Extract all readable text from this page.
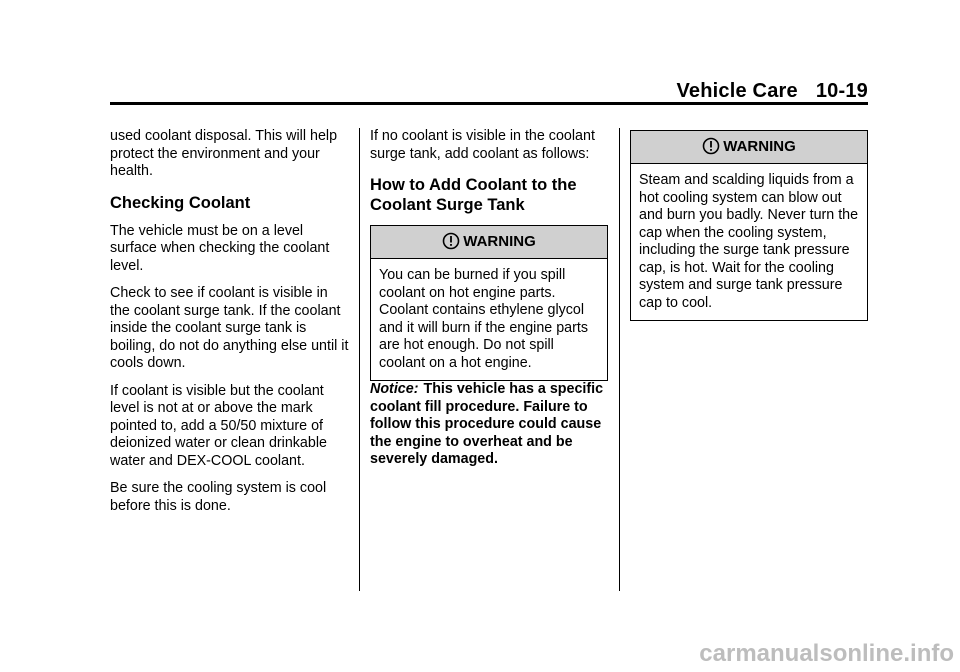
Vehicle Care 10-19

used coolant disposal. This will help protect the environment and your health.

Checking Coolant

The vehicle must be on a level surface when checking the coolant level.

Check to see if coolant is visible in the coolant surge tank. If the coolant inside the coolant surge tank is boiling, do not do anything else until it cools down.

If coolant is visible but the coolant level is not at or above the mark pointed to, add a 50/50 mixture of deionized water or clean drinkable water and DEX-COOL coolant.

Be sure the cooling system is cool before this is done.

If no coolant is visible in the coolant surge tank, add coolant as follows:

How to Add Coolant to the Coolant Surge Tank
WARNING
You can be burned if you spill coolant on hot engine parts. Coolant contains ethylene glycol and it will burn if the engine parts are hot enough. Do not spill coolant on a hot engine.

Notice: This vehicle has a specific coolant fill procedure. Failure to follow this procedure could cause the engine to overheat and be severely damaged.

WARNING
Steam and scalding liquids from a hot cooling system can blow out and burn you badly. Never turn the cap when the cooling system, including the surge tank pressure cap, is hot. Wait for the cooling system and surge tank pressure cap to cool.
carmanualsonline.info
